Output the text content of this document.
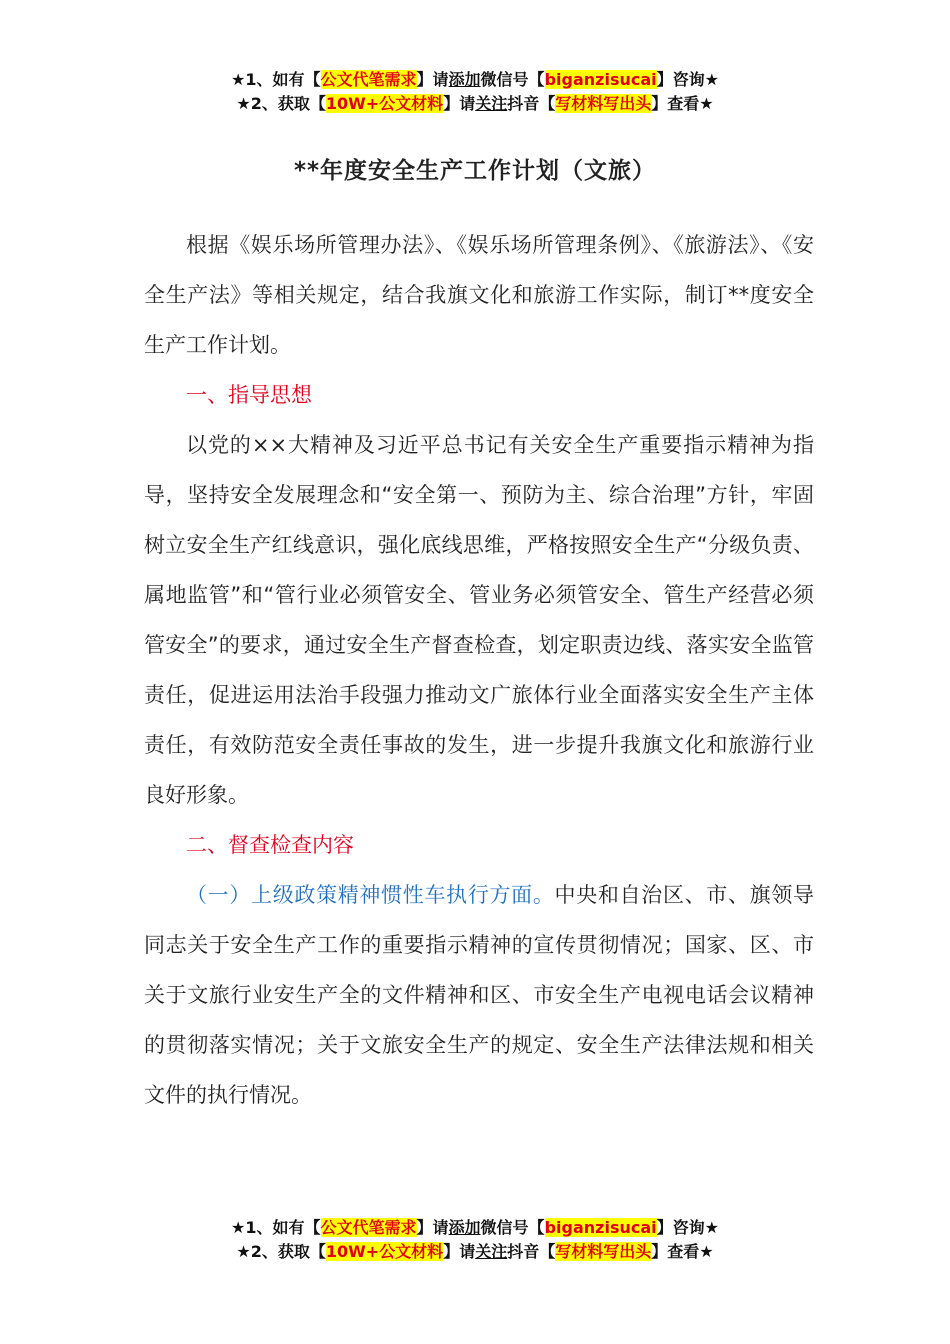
★1、如有【公文代笔需求】请添加微信号【biganzisucai】咨询★
★2、获取【10W+公文材料】请关注抖音【写材料写出头】查看★
**年度安全生产工作计划（文旅）

根据《娱乐场所管理办法》、《娱乐场所管理条例》、《旅游法》、《安全生产法》等相关规定，结合我旗文化和旅游工作实际，制订**度安全生产工作计划。

一、指导思想

以党的××大精神及习近平总书记有关安全生产重要指示精神为指导，坚持安全发展理念和“安全第一、预防为主、综合治理”方针，牢固树立安全生产红线意识，强化底线思维，严格按照安全生产“分级负责、属地监管”和“管行业必须管安全、管业务必须管安全、管生产经营必须管安全”的要求，通过安全生产督查检查，划定职责边线、落实安全监管责任，促进运用法治手段强力推动文广旅体行业全面落实安全生产主体责任，有效防范安全责任事故的发生，进一步提升我旗文化和旅游行业良好形象。

二、督查检查内容

（一）上级政策精神惯性车执行方面。中央和自治区、市、旗领导同志关于安全生产工作的重要指示精神的宣传贯彻情况；国家、区、市关于文旅行业安生产全的文件精神和区、市安全生产电视电话会议精神的贯彻落实情况；关于文旅安全生产的规定、安全生产法律法规和相关文件的执行情况。

★1、如有【公文代笔需求】请添加微信号【biganzisucai】咨询★
★2、获取【10W+公文材料】请关注抖音【写材料写出头】查看★
